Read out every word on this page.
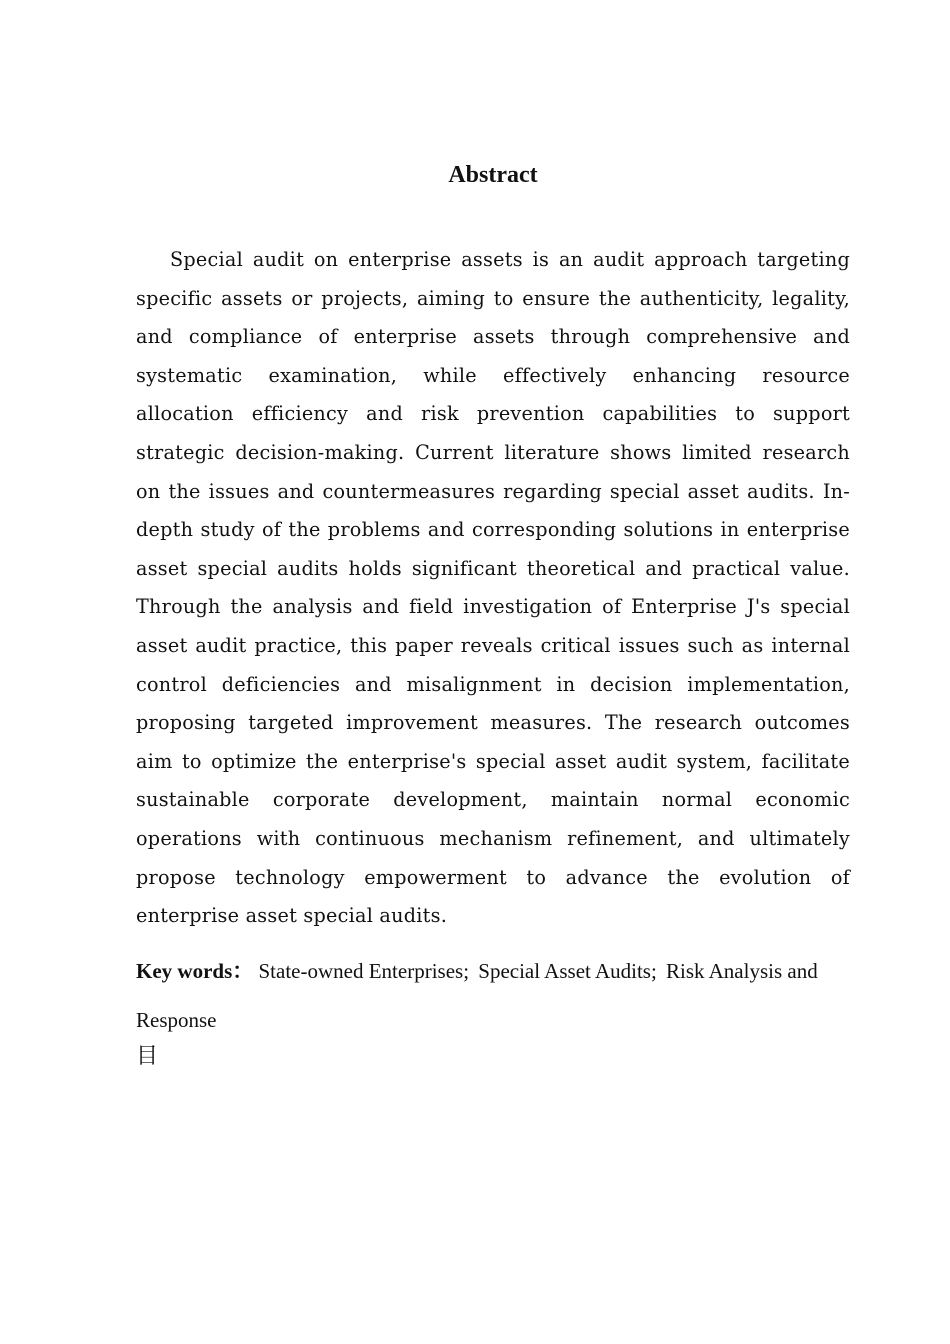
Abstract

Special audit on enterprise assets is an audit approach targeting specific assets or projects, aiming to ensure the authenticity, legality, and compliance of enterprise assets through comprehensive and systematic examination, while effectively enhancing resource allocation efficiency and risk prevention capabilities to support strategic decision-making. Current literature shows limited research on the issues and countermeasures regarding special asset audits. In-depth study of the problems and corresponding solutions in enterprise asset special audits holds significant theoretical and practical value. Through the analysis and field investigation of Enterprise J's special asset audit practice, this paper reveals critical issues such as internal control deficiencies and misalignment in decision implementation, proposing targeted improvement measures. The research outcomes aim to optimize the enterprise's special asset audit system, facilitate sustainable corporate development, maintain normal economic operations with continuous mechanism refinement, and ultimately propose technology empowerment to advance the evolution of enterprise asset special audits.

Key words： State-owned Enterprises; Special Asset Audits; Risk Analysis and Response

目
